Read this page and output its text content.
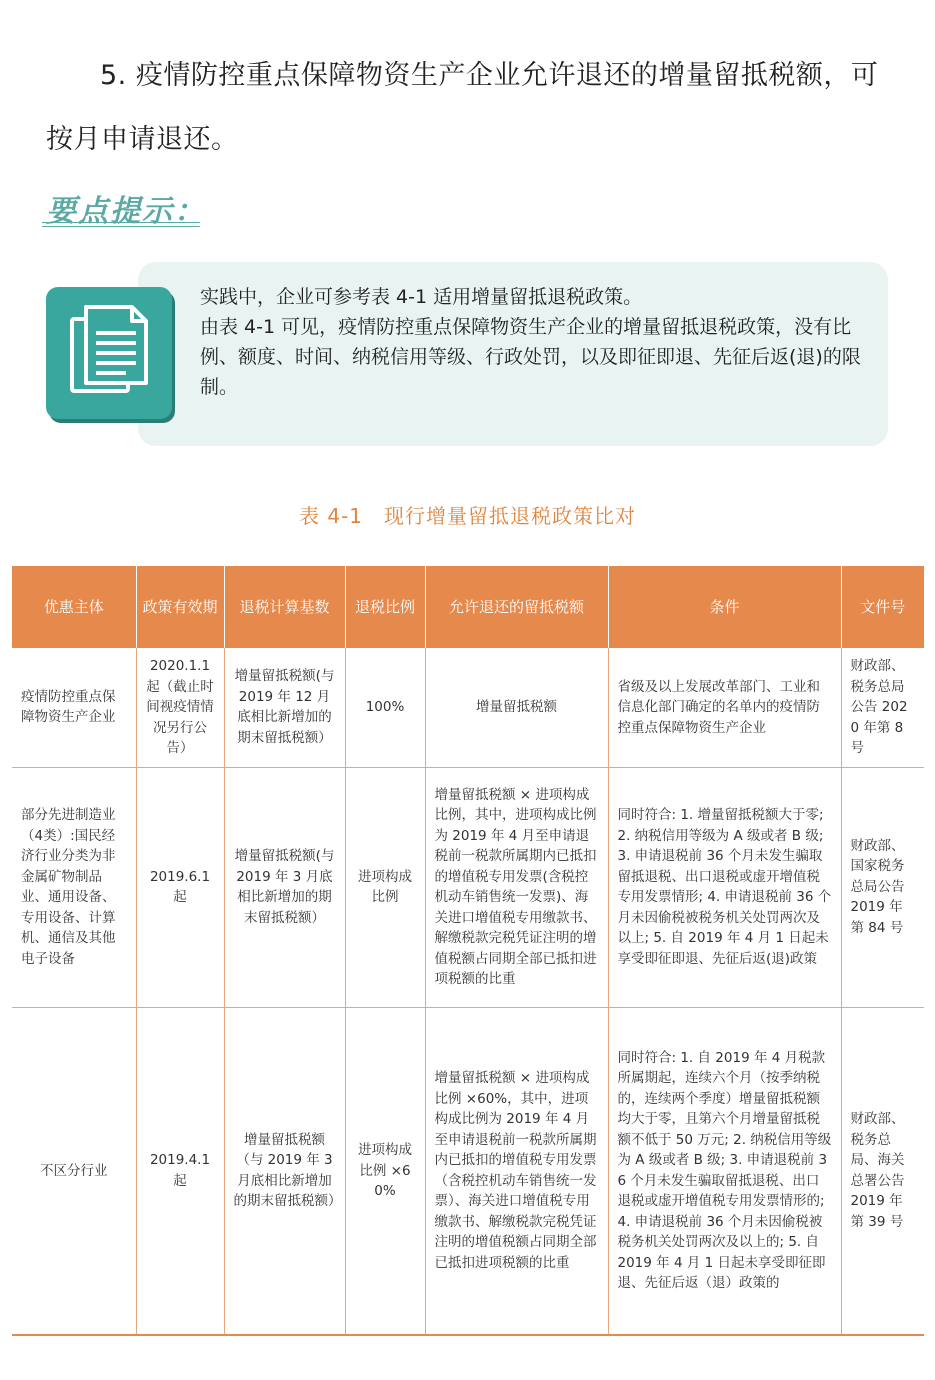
5. 疫情防控重点保障物资生产企业允许退还的增量留抵税额，可
按月申请退还。
要点提示：

实践中，企业可参考表 4-1 适用增量留抵退税政策。

由表 4-1 可见，疫情防控重点保障物资生产企业的增量留抵退税政策，没有比例、额度、时间、纳税信用等级、行政处罚，以及即征即退、先征后返(退)的限制。

表 4-1　现行增量留抵退税政策比对
优惠主体	政策有效期	退税计算基数	退税比例	允许退还的留抵税额	条件	文件号
疫情防控重点保障物资生产企业	2020.1.1 起（截止时间视疫情情况另行公告）	增量留抵税额(与 2019 年 12 月底相比新增加的期末留抵税额）	100%	增量留抵税额	省级及以上发展改革部门、工业和信息化部门确定的名单内的疫情防控重点保障物资生产企业	财政部、税务总局公告 2020 年第 8 号
部分先进制造业（4类）:国民经济行业分类为非金属矿物制品业、通用设备、专用设备、计算机、通信及其他电子设备	2019.6.1 起	增量留抵税额(与 2019 年 3 月底相比新增加的期末留抵税额）	进项构成比例	增量留抵税额 × 进项构成比例，其中，进项构成比例为 2019 年 4 月至申请退税前一税款所属期内已抵扣的增值税专用发票(含税控机动车销售统一发票)、海关进口增值税专用缴款书、解缴税款完税凭证注明的增值税额占同期全部已抵扣进项税额的比重	同时符合: 1. 增量留抵税额大于零; 2. 纳税信用等级为 A 级或者 B 级; 3. 申请退税前 36 个月未发生骗取留抵退税、出口退税或虚开增值税专用发票情形; 4. 申请退税前 36 个月未因偷税被税务机关处罚两次及以上; 5. 自 2019 年 4 月 1 日起未享受即征即退、先征后返(退)政策	财政部、国家税务总局公告 2019 年第 84 号
不区分行业	2019.4.1 起	增量留抵税额（与 2019 年 3 月底相比新增加的期末留抵税额）	进项构成比例 ×60%	增量留抵税额 × 进项构成比例 ×60%，其中，进项构成比例为 2019 年 4 月至申请退税前一税款所属期内已抵扣的增值税专用发票（含税控机动车销售统一发票）、海关进口增值税专用缴款书、解缴税款完税凭证注明的增值税额占同期全部已抵扣进项税额的比重	同时符合: 1. 自 2019 年 4 月税款所属期起，连续六个月（按季纳税的，连续两个季度）增量留抵税额均大于零，且第六个月增量留抵税额不低于 50 万元; 2. 纳税信用等级为 A 级或者 B 级; 3. 申请退税前 36 个月未发生骗取留抵退税、出口退税或虚开增值税专用发票情形的; 4. 申请退税前 36 个月未因偷税被税务机关处罚两次及以上的; 5. 自 2019 年 4 月 1 日起未享受即征即退、先征后返（退）政策的	财政部、税务总局、海关总署公告 2019 年第 39 号
